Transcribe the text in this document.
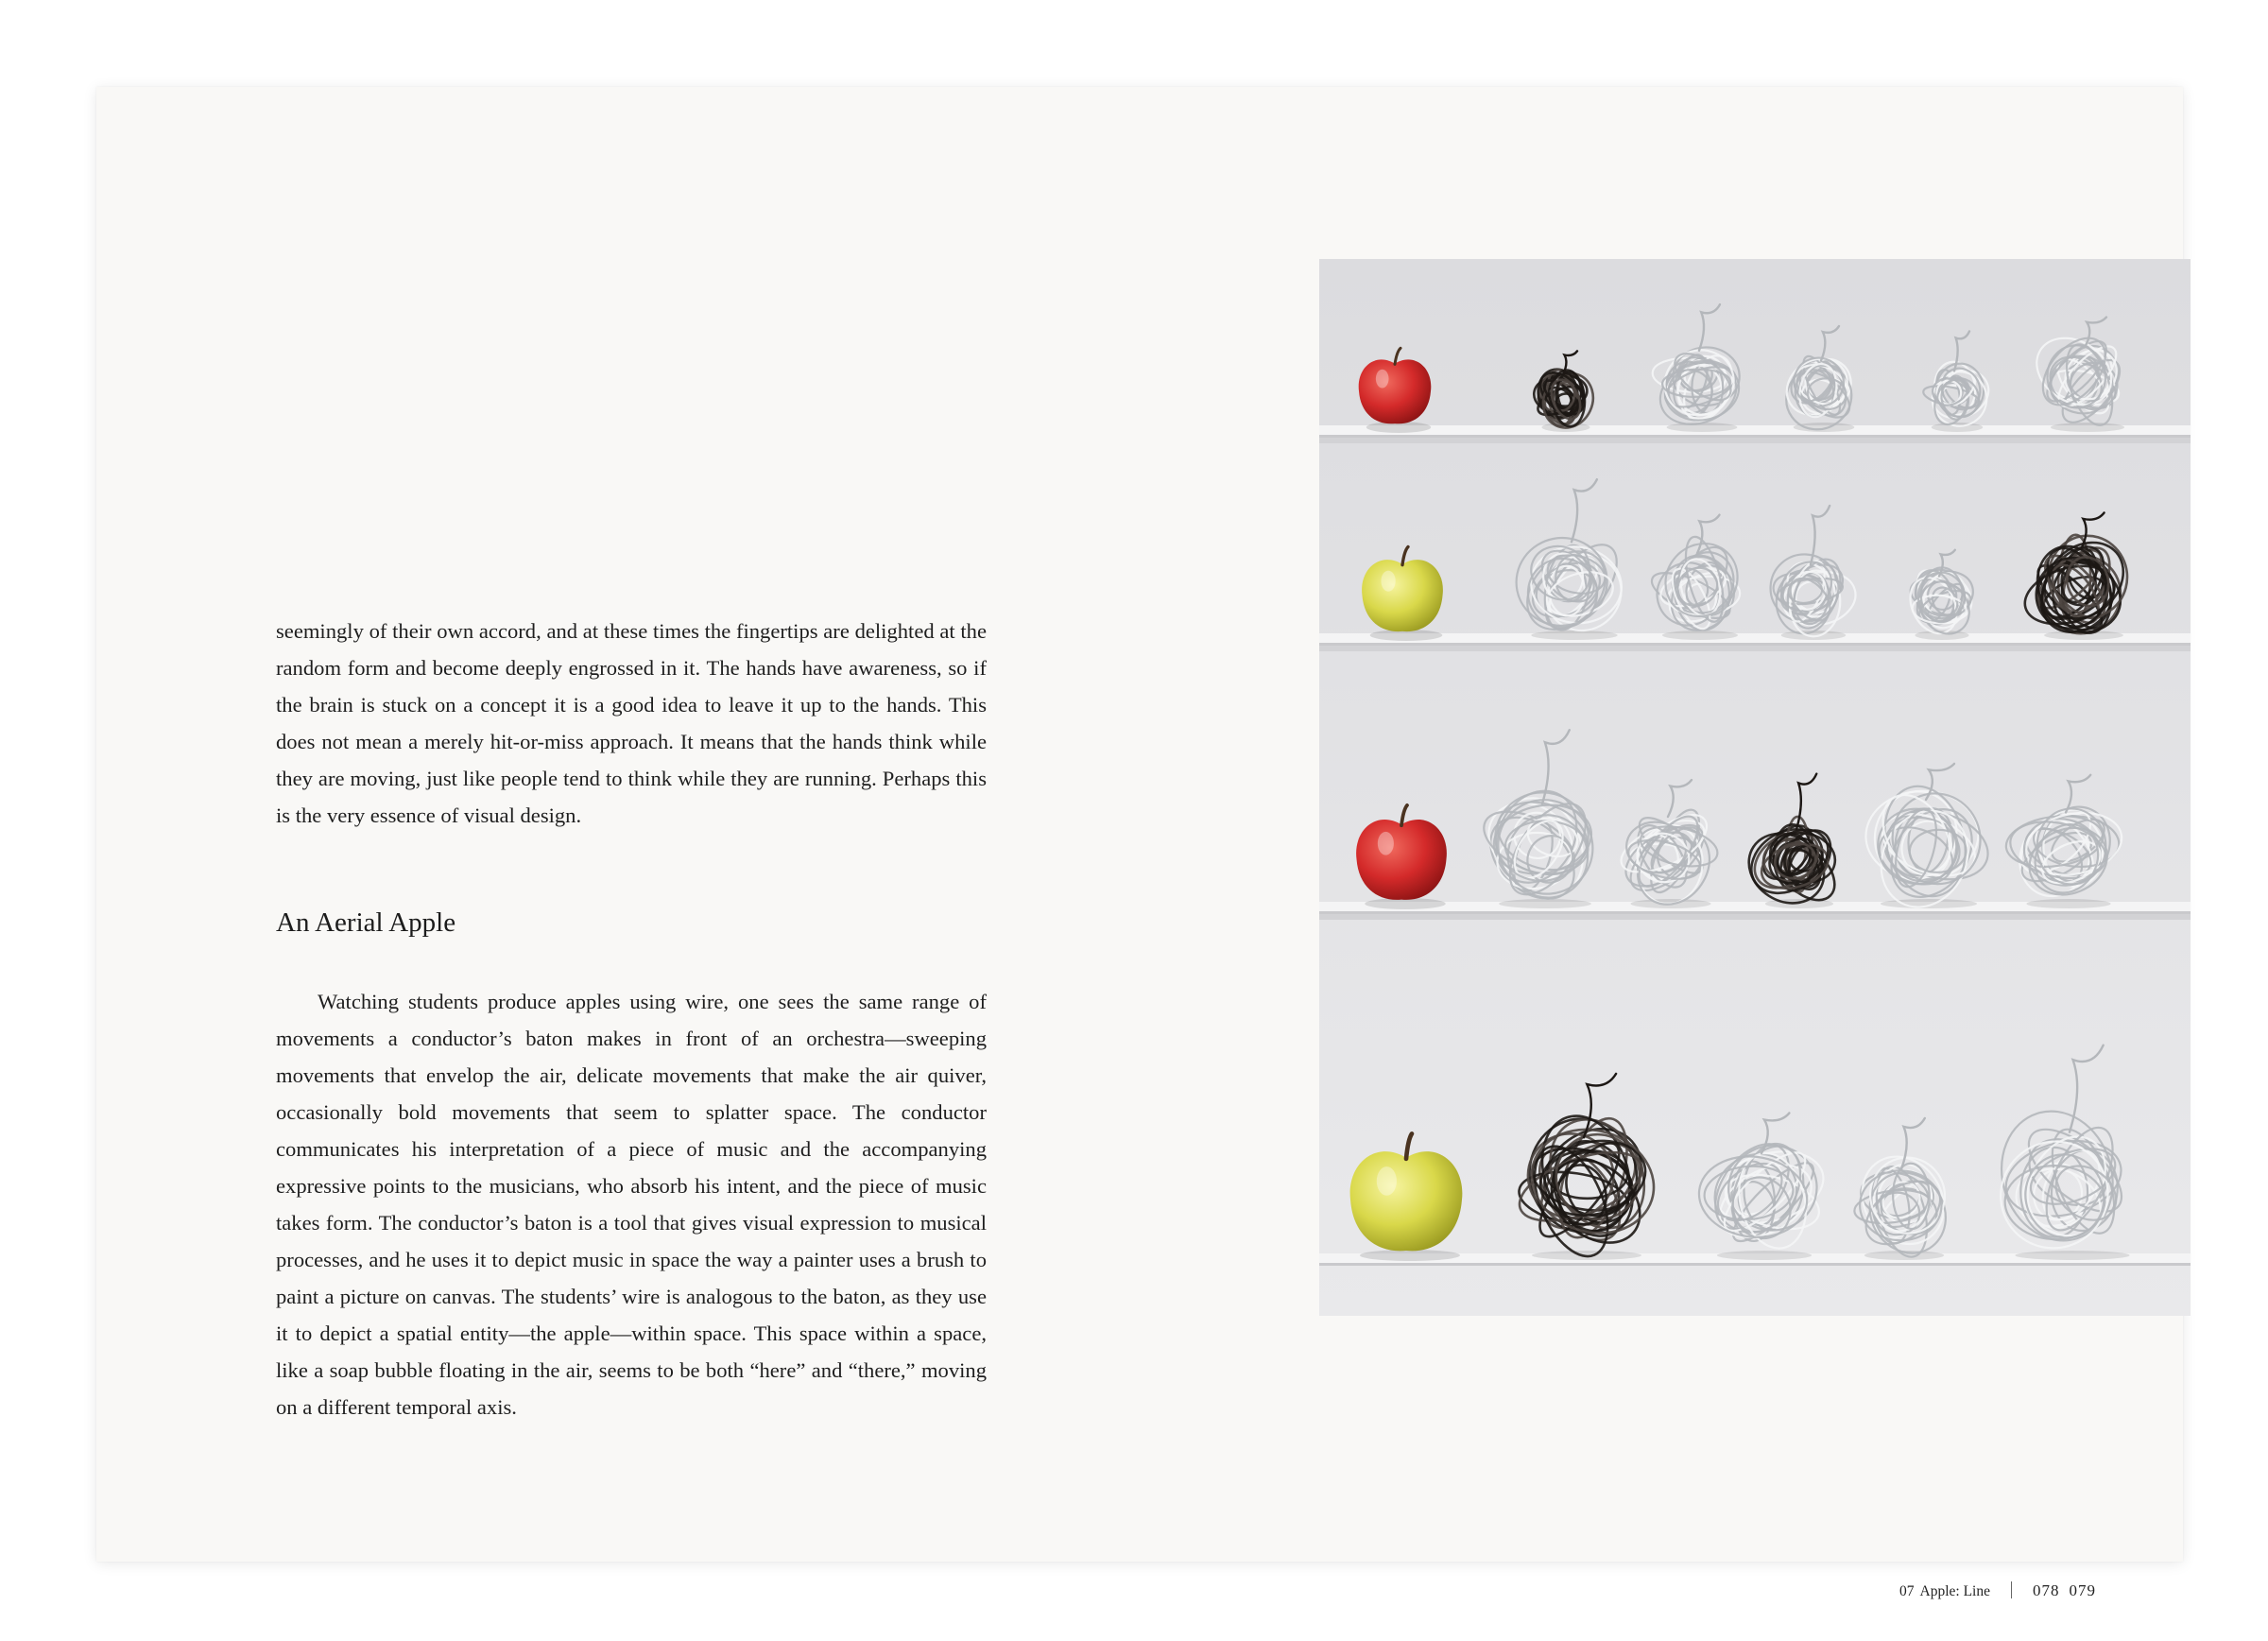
seemingly of their own accord, and at these times the fingertips are delighted at the random form and become deeply engrossed in it. The hands have awareness, so if the brain is stuck on a concept it is a good idea to leave it up to the hands. This does not mean a merely hit-or-miss approach. It means that the hands think while they are moving, just like people tend to think while they are running. Perhaps this is the very essence of visual design.

An Aerial Apple

Watching students produce apples using wire, one sees the same range of movements a conductor’s baton makes in front of an orchestra—sweeping movements that envelop the air, delicate movements that make the air quiver, occasionally bold movements that seem to splatter space. The conductor communicates his interpretation of a piece of music and the accompanying expressive points to the musicians, who absorb his intent, and the piece of music takes form. The conductor’s baton is a tool that gives visual expression to musical processes, and he uses it to depict music in space the way a painter uses a brush to paint a picture on canvas. The students’ wire is analogous to the baton, as they use it to depict a spatial entity—the apple—within space. This space within a space, like a soap bubble floating in the air, seems to be both “here” and “there,” moving on a different temporal axis.

07 Apple: Line	078 079
